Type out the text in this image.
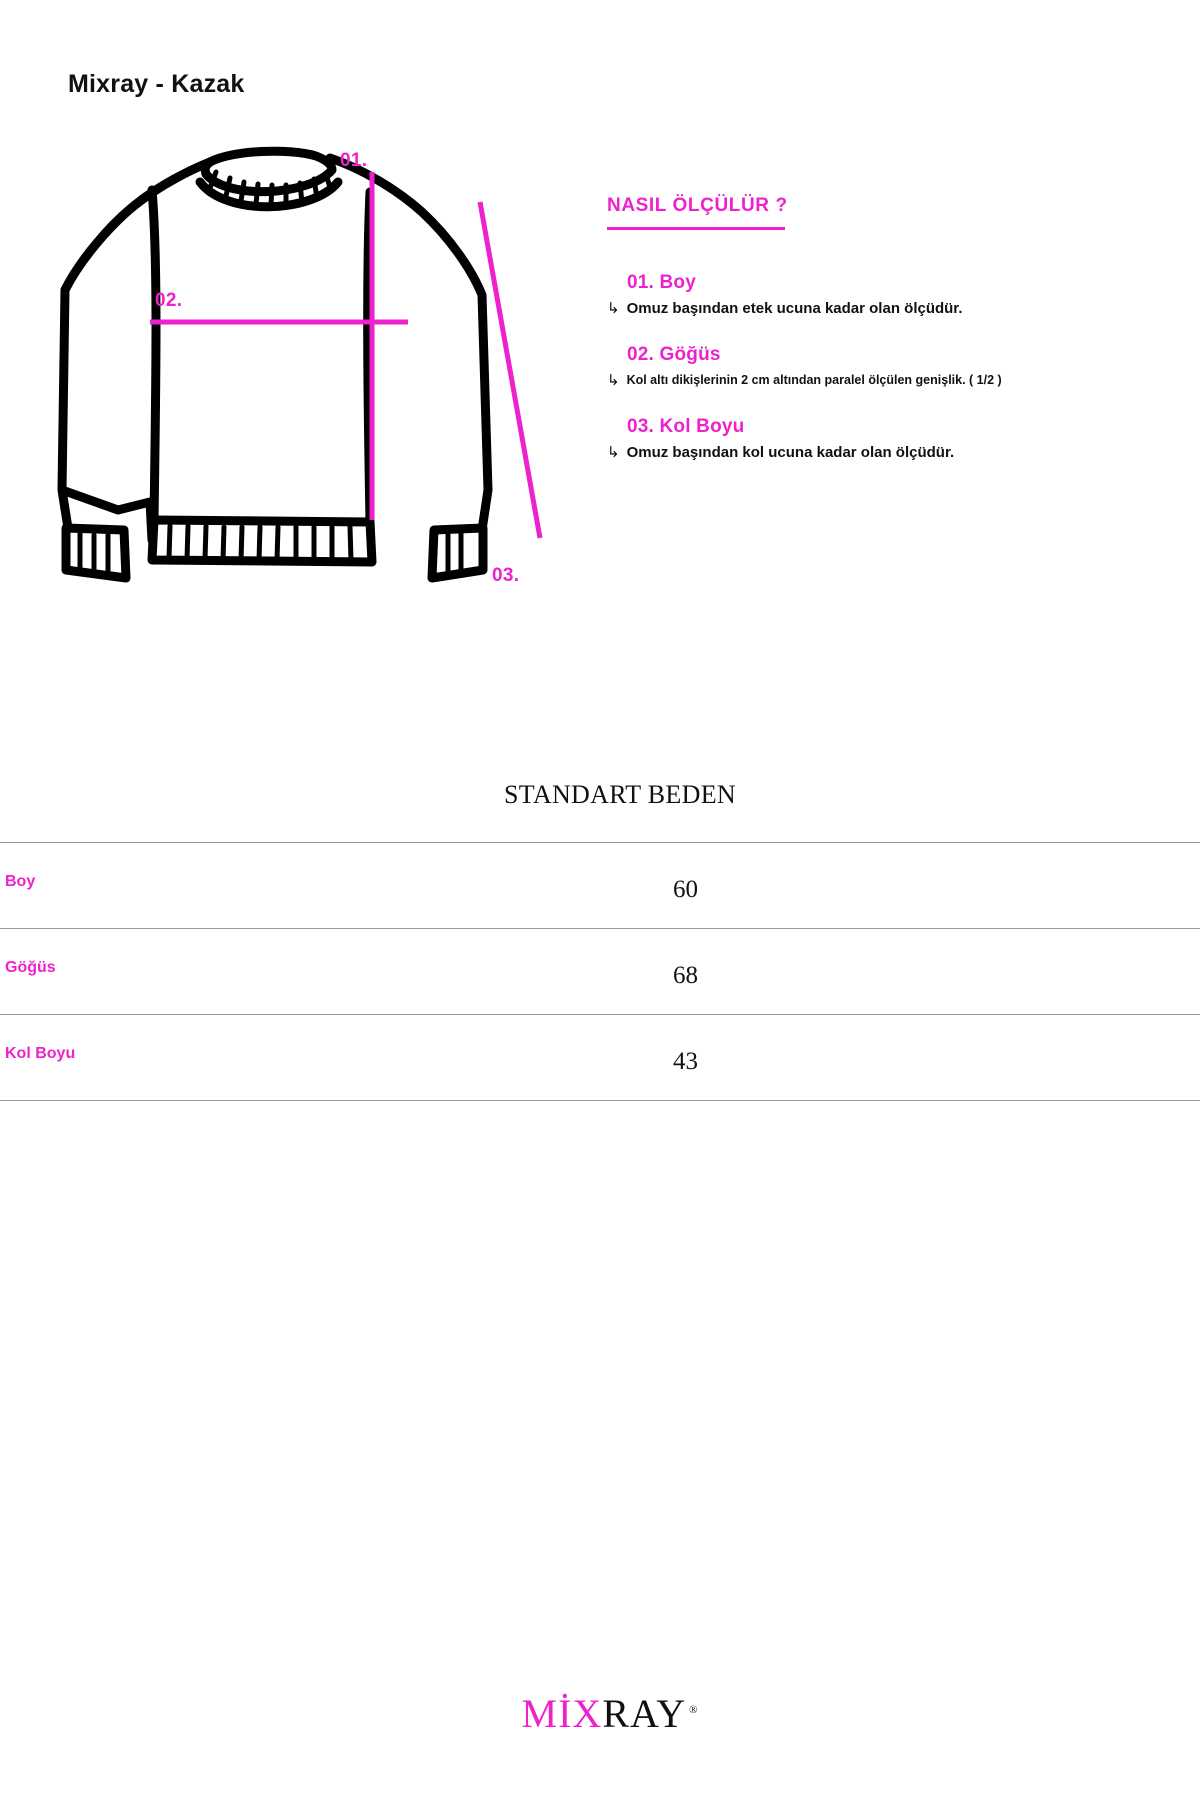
Mixray - Kazak
01.
02.
03.
NASIL ÖLÇÜLÜR ?
01. Boy
↳ Omuz başından etek ucuna kadar olan ölçüdür.
02. Göğüs
↳ Kol altı dikişlerinin 2 cm altından paralel ölçülen genişlik. ( 1/2 )
03. Kol Boyu
↳ Omuz başından kol ucuna kadar olan ölçüdür.
STANDART BEDEN
Boy	60
Göğüs	68
Kol Boyu	43
MİXRAY ®
